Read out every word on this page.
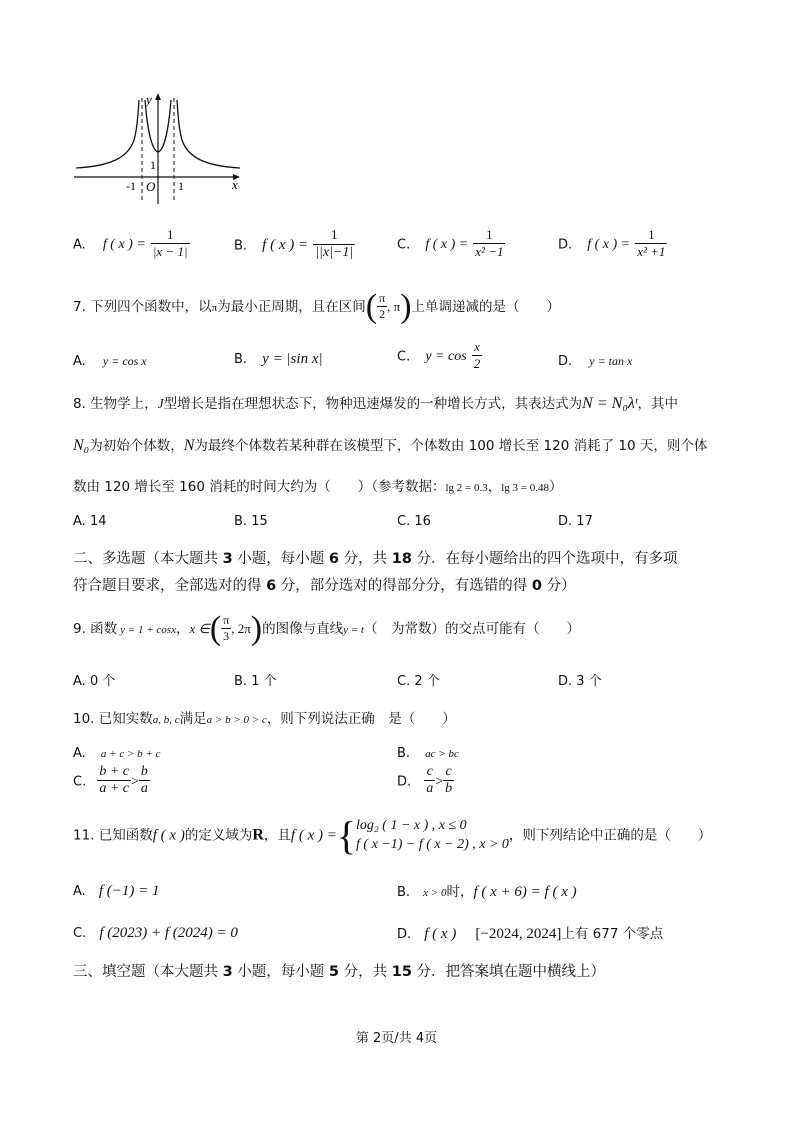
y
x
O
-1	1
1
A. f ( x ) = $\frac{1}{|x - 1|}$	B. f ( x ) = $\frac{1}{||x|-1|}$	C. f ( x ) = $\frac{1}{\text{x² −1}}$	D. f ( x ) = $\frac{1}{\text{x² +1}}$
7. 下列四个函数中，以π为最小正周期，且在区间( $\frac{\pi}{2}$ , π)上单调递减的是（　　）
A. y = cos x	B. y = |sin x|	C. $y = \cos \frac{x}{2}$	D. y = tan x
8. 生物学上，J型增长是指在理想状态下，物种迅速爆发的一种增长方式，其表达式为N = N₀λᵗ，其中
N₀为初始个体数，N为最终个体数若某种群在该模型下，个体数由 100 增长至 120 消耗了 10 天，则个体
数由 120 增长至 160 消耗的时间大约为（　　）（参考数据：lg 2 = 0.3，lg 3 = 0.48）
A. 14	B. 15	C. 16	D. 17
二、多选题（本大题共 3 小题，每小题 6 分，共 18 分．在每小题给出的四个选项中，有多项
符合题目要求，全部选对的得 6 分，部分选对的得部分分，有选错的得 0 分）
9. 函数 y = 1 + cosx，x ∈( $\frac{\pi}{3}$ , 2π)的图像与直线y = t（　为常数）的交点可能有（　　）
A. 0 个	B. 1 个	C. 2 个	D. 3 个
10. 已知实数a, b, c满足a > b > 0 > c，则下列说法正确　是（　　）
A. a + c > b + c	B. ac > bc
C. $\frac{b + c}{a + c} > \frac{b}{a}$	D. $\frac{c}{a} > \frac{c}{b}$
11. 已知函数f ( x )的定义域为R，且f ( x ) ={ log₂ ( 1 − x ) , x ≤ 0
f ( x −1) − f ( x − 2) , x > 0
，则下列结论中正确的是（　　）
A. f (−1) = 1	B. x > 0时，f ( x + 6) = f ( x )
C. f (2023) + f (2024) = 0	D. f ( x ) [−2024, 2024]上有 677 个零点
三、填空题（本大题共 3 小题，每小题 5 分，共 15 分．把答案填在题中横线上）
第 2页/共 4页
